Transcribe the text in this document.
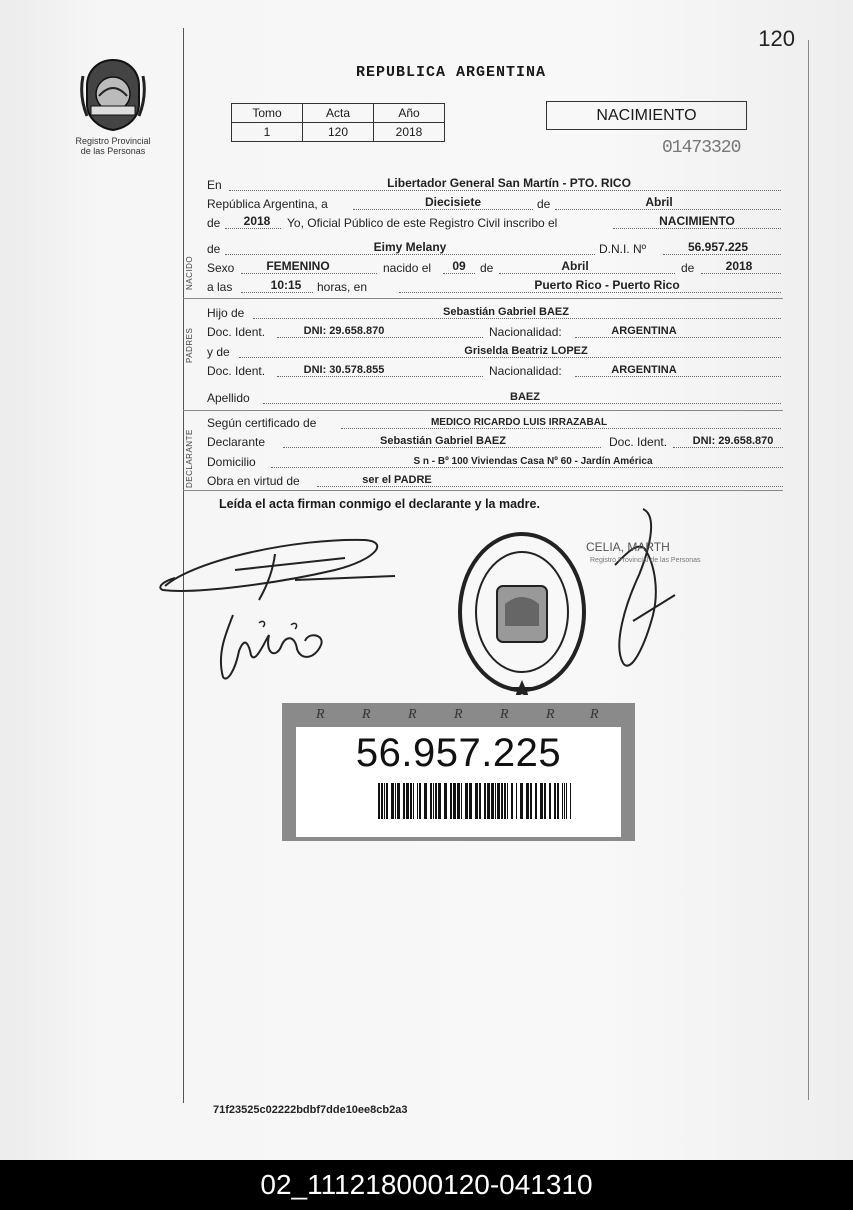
120
Registro Provincial
de las Personas
REPUBLICA ARGENTINA
Tomo	Acta	Año
1	120	2018
NACIMIENTO
01473320
NACIDO
PADRES
DECLARANTE
En	Libertador General San Martín - PTO. RICO
República Argentina, a	Diecisiete	de	Abril
de 2018 Yo, Oficial Público de este Registro Civil inscribo el	NACIMIENTO
de	Eimy Melany	D.N.I. Nº	56.957.225
Sexo	FEMENINO	nacido el 09 de	Abril	de	2018
a las	10:15 horas, en	Puerto Rico - Puerto Rico
Hijo de	Sebastián Gabriel BAEZ
Doc. Ident.	DNI: 29.658.870	Nacionalidad:	ARGENTINA
y de	Griselda Beatriz LOPEZ
Doc. Ident.	DNI: 30.578.855	Nacionalidad:	ARGENTINA
Apellido	BAEZ
Según certificado de	MEDICO RICARDO LUIS IRRAZABAL
Declarante	Sebastián Gabriel BAEZ	Doc. Ident. DNI: 29.658.870
Domicilio	S n - Bº 100 Viviendas Casa Nº 60 - Jardín América
Obra en virtud de	ser el PADRE
Leída el acta firman conmigo el declarante y la madre.
CELIA, MARTH
Registro Provincial de las Personas
R	R	R	R	R	R	R
56.957.225
71f23525c02222bdbf7dde10ee8cb2a3
02_111218000120-041310
